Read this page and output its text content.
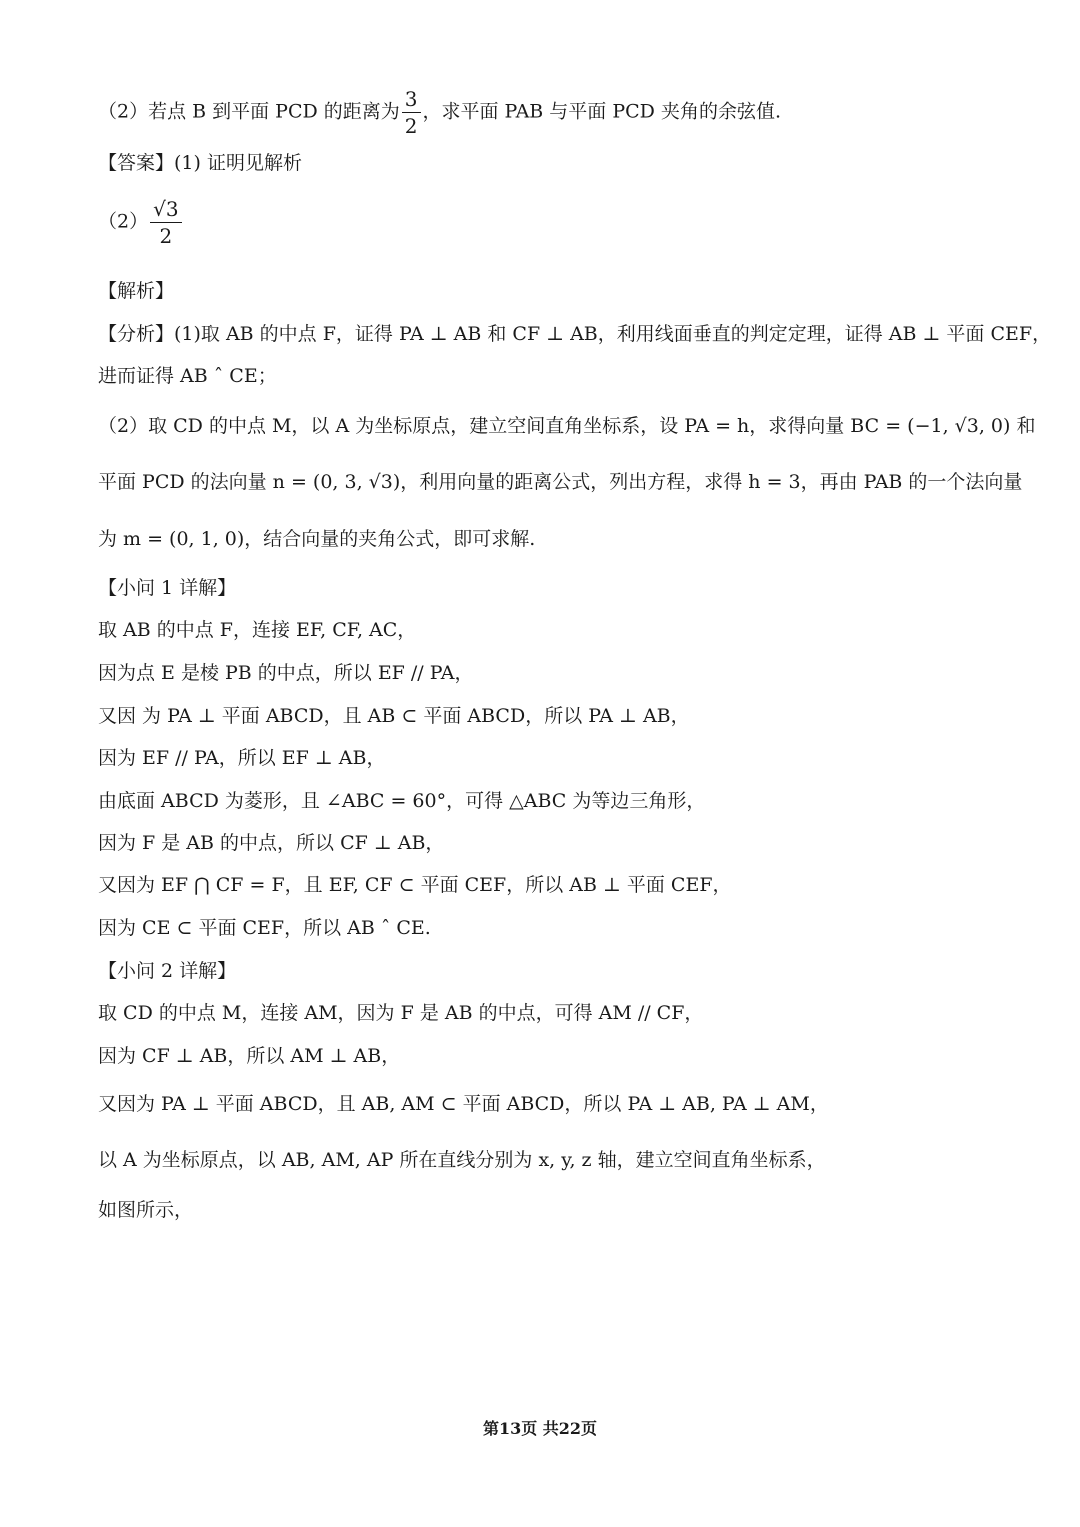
（2）若点 B 到平面 PCD 的距离为 $\frac{3}{2}$ ，求平面 PAB 与平面 PCD 夹角的余弦值.
【答案】(1) 证明见解析
$(2) \frac{√3}{2}$
【解析】
【分析】(1)取 AB 的中点 F，证得 PA ⊥ AB 和 CF ⊥ AB，利用线面垂直的判定定理，证得 AB ⊥ 平面 CEF，
进而证得 AB ˆ CE；
（2）取 CD 的中点 M，以 A 为坐标原点，建立空间直角坐标系，设 PA = h，求得向量 BC = (−1, √3, 0) 和
平面 PCD 的法向量 n = (0, 3, √3)，利用向量的距离公式，列出方程，求得 h = 3，再由 PAB 的一个法向量
为 m = (0, 1, 0)，结合向量的夹角公式，即可求解.
【小问 1 详解】
取 AB 的中点 F，连接 EF, CF, AC，
因为点 E 是棱 PB 的中点，所以 EF // PA，
又因 为 PA ⊥ 平面 ABCD，且 AB ⊂ 平面 ABCD，所以 PA ⊥ AB，
因为 EF // PA，所以 EF ⊥ AB，
由底面 ABCD 为菱形，且 ∠ABC = 60°，可得 △ABC 为等边三角形，
因为 F 是 AB 的中点，所以 CF ⊥ AB，
又因为 EF ⋂ CF = F，且 EF, CF ⊂ 平面 CEF，所以 AB ⊥ 平面 CEF，
因为 CE ⊂ 平面 CEF，所以 AB ˆ CE.
【小问 2 详解】
取 CD 的中点 M，连接 AM，因为 F 是 AB 的中点，可得 AM // CF，
因为 CF ⊥ AB，所以 AM ⊥ AB，
又因为 PA ⊥ 平面 ABCD，且 AB, AM ⊂ 平面 ABCD，所以 PA ⊥ AB, PA ⊥ AM，
以 A 为坐标原点，以 AB, AM, AP 所在直线分别为 x, y, z 轴，建立空间直角坐标系，
如图所示，
第13页 共22页
